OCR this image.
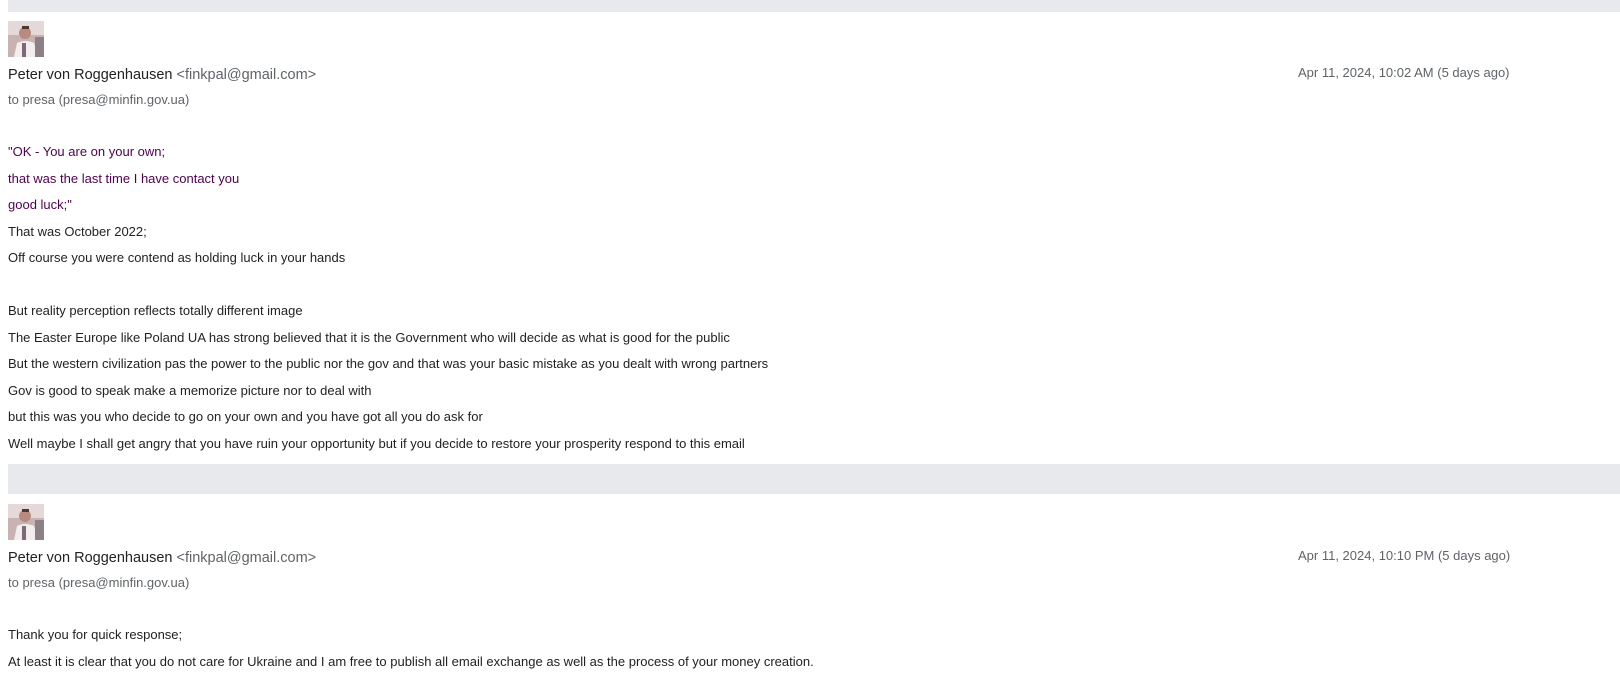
Peter von Roggenhausen <finkpal@gmail.com>
to presa (presa@minfin.gov.ua)
Apr 11, 2024, 10:02 AM (5 days ago)
"OK - You are on your own;
that was the last time I have contact you
good luck;"
That was October 2022;
Off course you were contend as holding luck in your hands
But reality perception reflects totally different image
The Easter Europe like Poland UA has strong believed that it is the Government who will decide as what is good for the public
But the western civilization pas the power to the public nor the gov and that was your basic mistake as you dealt with wrong partners
Gov is good to speak make a memorize picture nor to deal with
but this was you who decide to go on your own and you have got all you do ask for
Well maybe I shall get angry that you have ruin your opportunity but if you decide to restore your prosperity respond to this email
Peter von Roggenhausen <finkpal@gmail.com>
to presa (presa@minfin.gov.ua)
Apr 11, 2024, 10:10 PM (5 days ago)
Thank you for quick response;
At least it is clear that you do not care for Ukraine and I am free to publish all email exchange as well as the process of your money creation.
